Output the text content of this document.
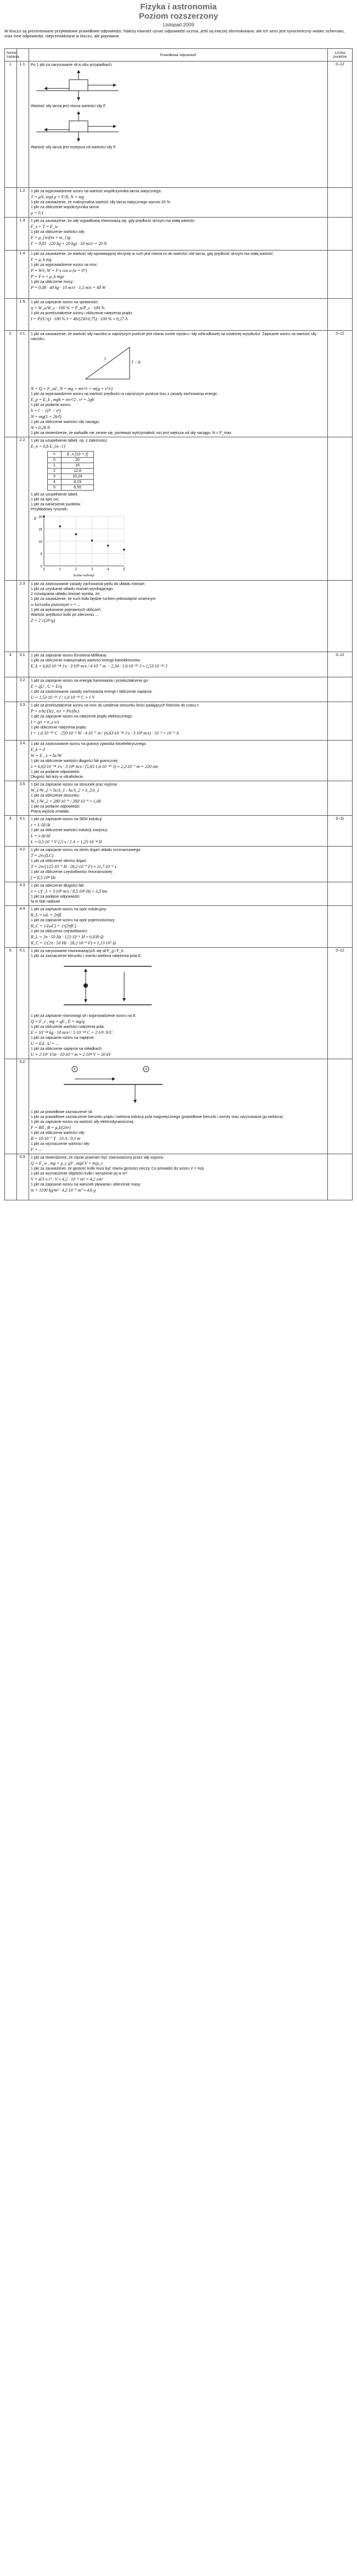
Fizyka i astronomia
Poziom rozszerzony
Listopad 2009
W kluczu są prezentowane przykładowe prawidłowe odpowiedzi. Należy również uznać odpowiedzi ucznia, jeśli są inaczej sformułowane, ale ich sens jest synonimiczny wobec schematu, oraz inne odpowiedzi, nieprzewidziane w kluczu, ale poprawne.
Numer zadania		Prawidłowa odpowiedź	Liczba punktów
1.	1.1.	Po 1 pkt za narysowanie sił w obu przypadkach.
Wartość siły tarcia jest równa wartości siły F.
Wartość siły tarcia jest mniejsza od wartości siły F.
	0–12
	1.2.	1 pkt za wyprowadzenie wzoru na wartość współczynnika tarcia statycznego:
T = μN, stąd μ = F/N, N = mg
1 pkt za zauważenie, że maksymalna wartość siły tarcia statycznego wynosi 20 %.
1 pkt za obliczenie współczynnika tarcia:
μ = 0,1

	1.3.	1 pkt za zauważenie, że siłę wypadkową równoważą się, gdy prędkość skrzyni ma stałą wartość:
F_s + T = F_w
1 pkt za obliczenie wartości siły:
F = μ_{st}(m + m_1)g
F = 0,05 · (20 kg + 20 kg) · 10 m/s² = 20 N

	1.4.	1 pkt za zauważenie, że wartość siły wprawiającej skrzynię w ruch jest równa co do wartości sile tarcia, gdy prędkość skrzyni ma stałą wartość:
F = μ_k mg
1 pkt za wyprowadzenie wzoru na moc:
P = W/t, W = F·s cos α (α = 0°)
P = F·v = μ_k mgv
1 pkt za obliczenie mocy:
P = 0,08 · 40 kg · 10 m/s² · 1,5 m/s = 48 W

	1.5.	1 pkt za zapisanie wzoru na sprawność:
η = W_u/W_c · 100 % = P_u/P_c · 100 %
1 pkt za przekształcenie wzoru i obliczenie natężenia prądu:
I = P/(U·η) · 100 % I = 48/(230·0,75) · 100 % ≈ 0,27 A

2.	2.1.	1 pkt za zauważenie, że wartość siły nacisku w najniższym punkcie jest równa sumie ciężaru i siły odśrodkowej na ustalonej wysokości. Zapisanie wzoru na wartość siły nacisku:
l − h
l
N = Q + F_od , N = mg + mv²/r = m(g + v²/r)
1 pkt za wyprowadzenie wzoru na wartość prędkości w najniższym punkcie toru z zasady zachowania energii:
E_p = E_k , mgh = mv²/2 , v² = 2gh
1 pkt za podanie wzoru:
h = l − √(l² − x²)
N = mg(1 + 2h/l)
1 pkt za obliczenie wartości siły naciągu:
N ≈ 0,28 N
1 pkt za stwierdzenie, że wahadło nie zerwie się, ponieważ wytrzymałość nici jest większa od siły naciągu: N < F_max
	0–12
	2.2.	1 pkt za uzupełnienie tabeli, np. z zależności:
E_n = 0,8 E_{n−1}
n	E_n [10⁻⁴ J]
0	20
1	16
2	12,8
3	10,24
4	8,19
5	6,55
1 pkt za uzupełnienie tabeli.
1 pkt za opis osi.
1 pkt za naniesienie punktów.
Przykładowy rysunek:
0
5
10
15
20
0	1	2	3	4	5
liczba wahnięć
E

	2.3.	1 pkt za zastosowanie zasady zachowania pędu do układu równań:
1 pkt za uzyskanie układu równań wynikającego:
2 rozwiązania układu równań wynika, że:
1 pkt za zauważenie, że ruch kulki będzie ruchem jednostajnie zmiennym
w kierunku poziomym v = ...
1 pkt za wykonanie poprawnych obliczeń:
Wartość prędkości kulki po zderzeniu ...
Z = 2 √(2l²/g)

3.	3.1.	1 pkt za zapisanie wzoru Einsteina-Millikana:
1 pkt za obliczenie maksymalnej wartości energii fotoelektronów:
E_k = 6,63·10⁻³⁴ J·s · 3·10⁸ m/s / 4·10⁻⁷ m − 2,34 · 1,6·10⁻¹⁹ J ≈ 1,53·10⁻¹⁹ J
	0–12
	3.2.	1 pkt za zapisanie wzoru na energię hamowania i przekształcenie go:
E = qU , U = E/q
1 pkt za zastosowanie zasady zachowania energii i obliczenie napięcia:
U = 1,53·10⁻¹⁹ J / 1,6·10⁻¹⁹ C ≈ 1 V

	3.3.	1 pkt za przekształcenie wzoru na moc do ustalenia stosunku ilości padających fotonów do czasu t:
P = n·hc/(λt) , n/t = Pλ/(hc)
1 pkt za zapisanie wzoru na natężenie prądu elektrycznego:
I = q/t = n_e·e/t
1 pkt obliczenie natężenia prądu:
I = 1,6·10⁻¹⁹ C · 250·10⁻⁶ W · 4·10⁻⁷ m / (6,63·10⁻³⁴ J·s · 3·10⁸ m/s) · 10⁻² ≈ 10⁻⁵ A

	3.4.	1 pkt za zastosowanie wzoru na granicę zjawiska fotoelektrycznego:
E_k = 0
W = E , λ = hc/W
1 pkt za obliczenie wartości długości fali granicznej:
λ = 6,63·10⁻³⁴ J·s · 3·10⁸ m/s / (5,65·1,6·10⁻¹⁹ J) ≈ 2,2·10⁻⁷ m = 220 nm
1 pkt za podanie odpowiedzi:
Długość fali leży w ultrafiolecie.

	3.5.	1 pkt za zapisanie wzoru na stosunek prac wyjścia:
W_1/W_2 = hc/λ_1 : hc/λ_2 = λ_2/λ_1
1 pkt za obliczenie stosunku:
W_1/W_2 = 280·10⁻⁹ / 260·10⁻⁹ ≈ 1,08
1 pkt za podanie odpowiedzi:
Praca wyjścia zmalała.

4.	4.1.	1 pkt za zapisanie wzoru na SEM indukcji:
ε = L·ΔI/Δt
1 pkt za obliczenie wartości indukcji zwojnicy:
L = ε·Δt/ΔI
L = 0,5·10⁻³ V·2,5 s / 2 A = 1,25·10⁻⁴ H
	0–11
	4.2.	1 pkt za zapisanie wzoru na okres drgań układu rezonansowego:
T = 2π√(LC)
1 pkt za obliczenie okresu drgań:
T = 2π√(125·10⁻⁶ H · 28,2·10⁻⁹ F) ≈ 11,7·10⁻⁶ s
1 pkt za obliczenie częstotliwości rezonansowej:
f = 8,5·10⁴ Hz

	4.3.	1 pkt za obliczenie długości fali:
λ = c/f , λ = 3·10⁸ m/s / 8,5·10⁴ Hz ≈ 3,5 km
1 pkt za podanie odpowiedzi:
fa to fale radiowe.

	4.4.	1 pkt za zapisanie wzoru na opór indukcyjny:
R_L = ωL = 2πfL
1 pkt za zapisanie wzoru na opór pojemnościowy:
R_C = 1/(ωC) = 1/(2πfC)
1 pkt za obliczenie częstotliwości:
R_L = 2π · 50 Hz · 125·10⁻⁶ H ≈ 0,039 Ω
R_C = 1/(2π · 50 Hz · 28,2·10⁻⁹ F) ≈ 1,13·10⁵ Ω

5.	5.1.	1 pkt za narysowanie równoważących się sił F_g i F_e.
1 pkt za zaznaczenie kierunku i zwrotu wektora natężenia pola E.
1 pkt za zapisanie równowagi sił i wyprowadzenie wzoru na E:
Q = F_e , mg = qE , E = mg/q
1 pkt za obliczenie wartości natężenia pola:
E = 10⁻¹⁴ kg · 10 m/s² / 5·10⁻¹⁹ C = 2·10⁵ N/C
1 pkt za zapisanie wzoru na napięcie:
U = Ed , U = ...
1 pkt za obliczenie napięcia na okładkach:
U = 2·10⁵ V/m · 10·10⁻² m = 2·10⁴ V = 20 kV
	0–12
	5.2.	
1 pkt za prawidłowe zaznaczenie sił.
1 pkt za prawidłowe zaznaczenie kierunku prądu i wektora indukcji pola magnetycznego (prawidłowe kierunki i zwroty oraz narysowanie go wektora).
1 pkt za zapisanie wzoru na wartość siły elektrodynamicznej:
F = BIl , B = μ₀I/(2πr)
1 pkt za obliczenie wartości siły:
B = 10·10⁻⁷ T · 10 A / 0,1 m
1 pkt za wyznaczenie wartości siły:
F = ...

	5.3.	1 pkt za stwierdzenie, że ciężar powinien być równoważony przez siłę wypora:
Q = F_w , mg = ρ_c gV , stąd V = m/ρ_c
1 pkt za zauważenie, że gęstość kulki musi być równa gęstości cieczy. Co prowadzi do wzoru V = m/ρ
1 pkt za wyznaczenie objętości kulki i wyrażenie jej w m³:
V = 4/3 π r³ , V ≈ 4,2 · 10⁻⁶ m³ = 4,2 cm³
1 pkt za zapisanie wzoru na warunek pływania i obliczenie masy:
m = 1100 kg/m³ · 4,2·10⁻⁶ m³ ≈ 4,6 g
